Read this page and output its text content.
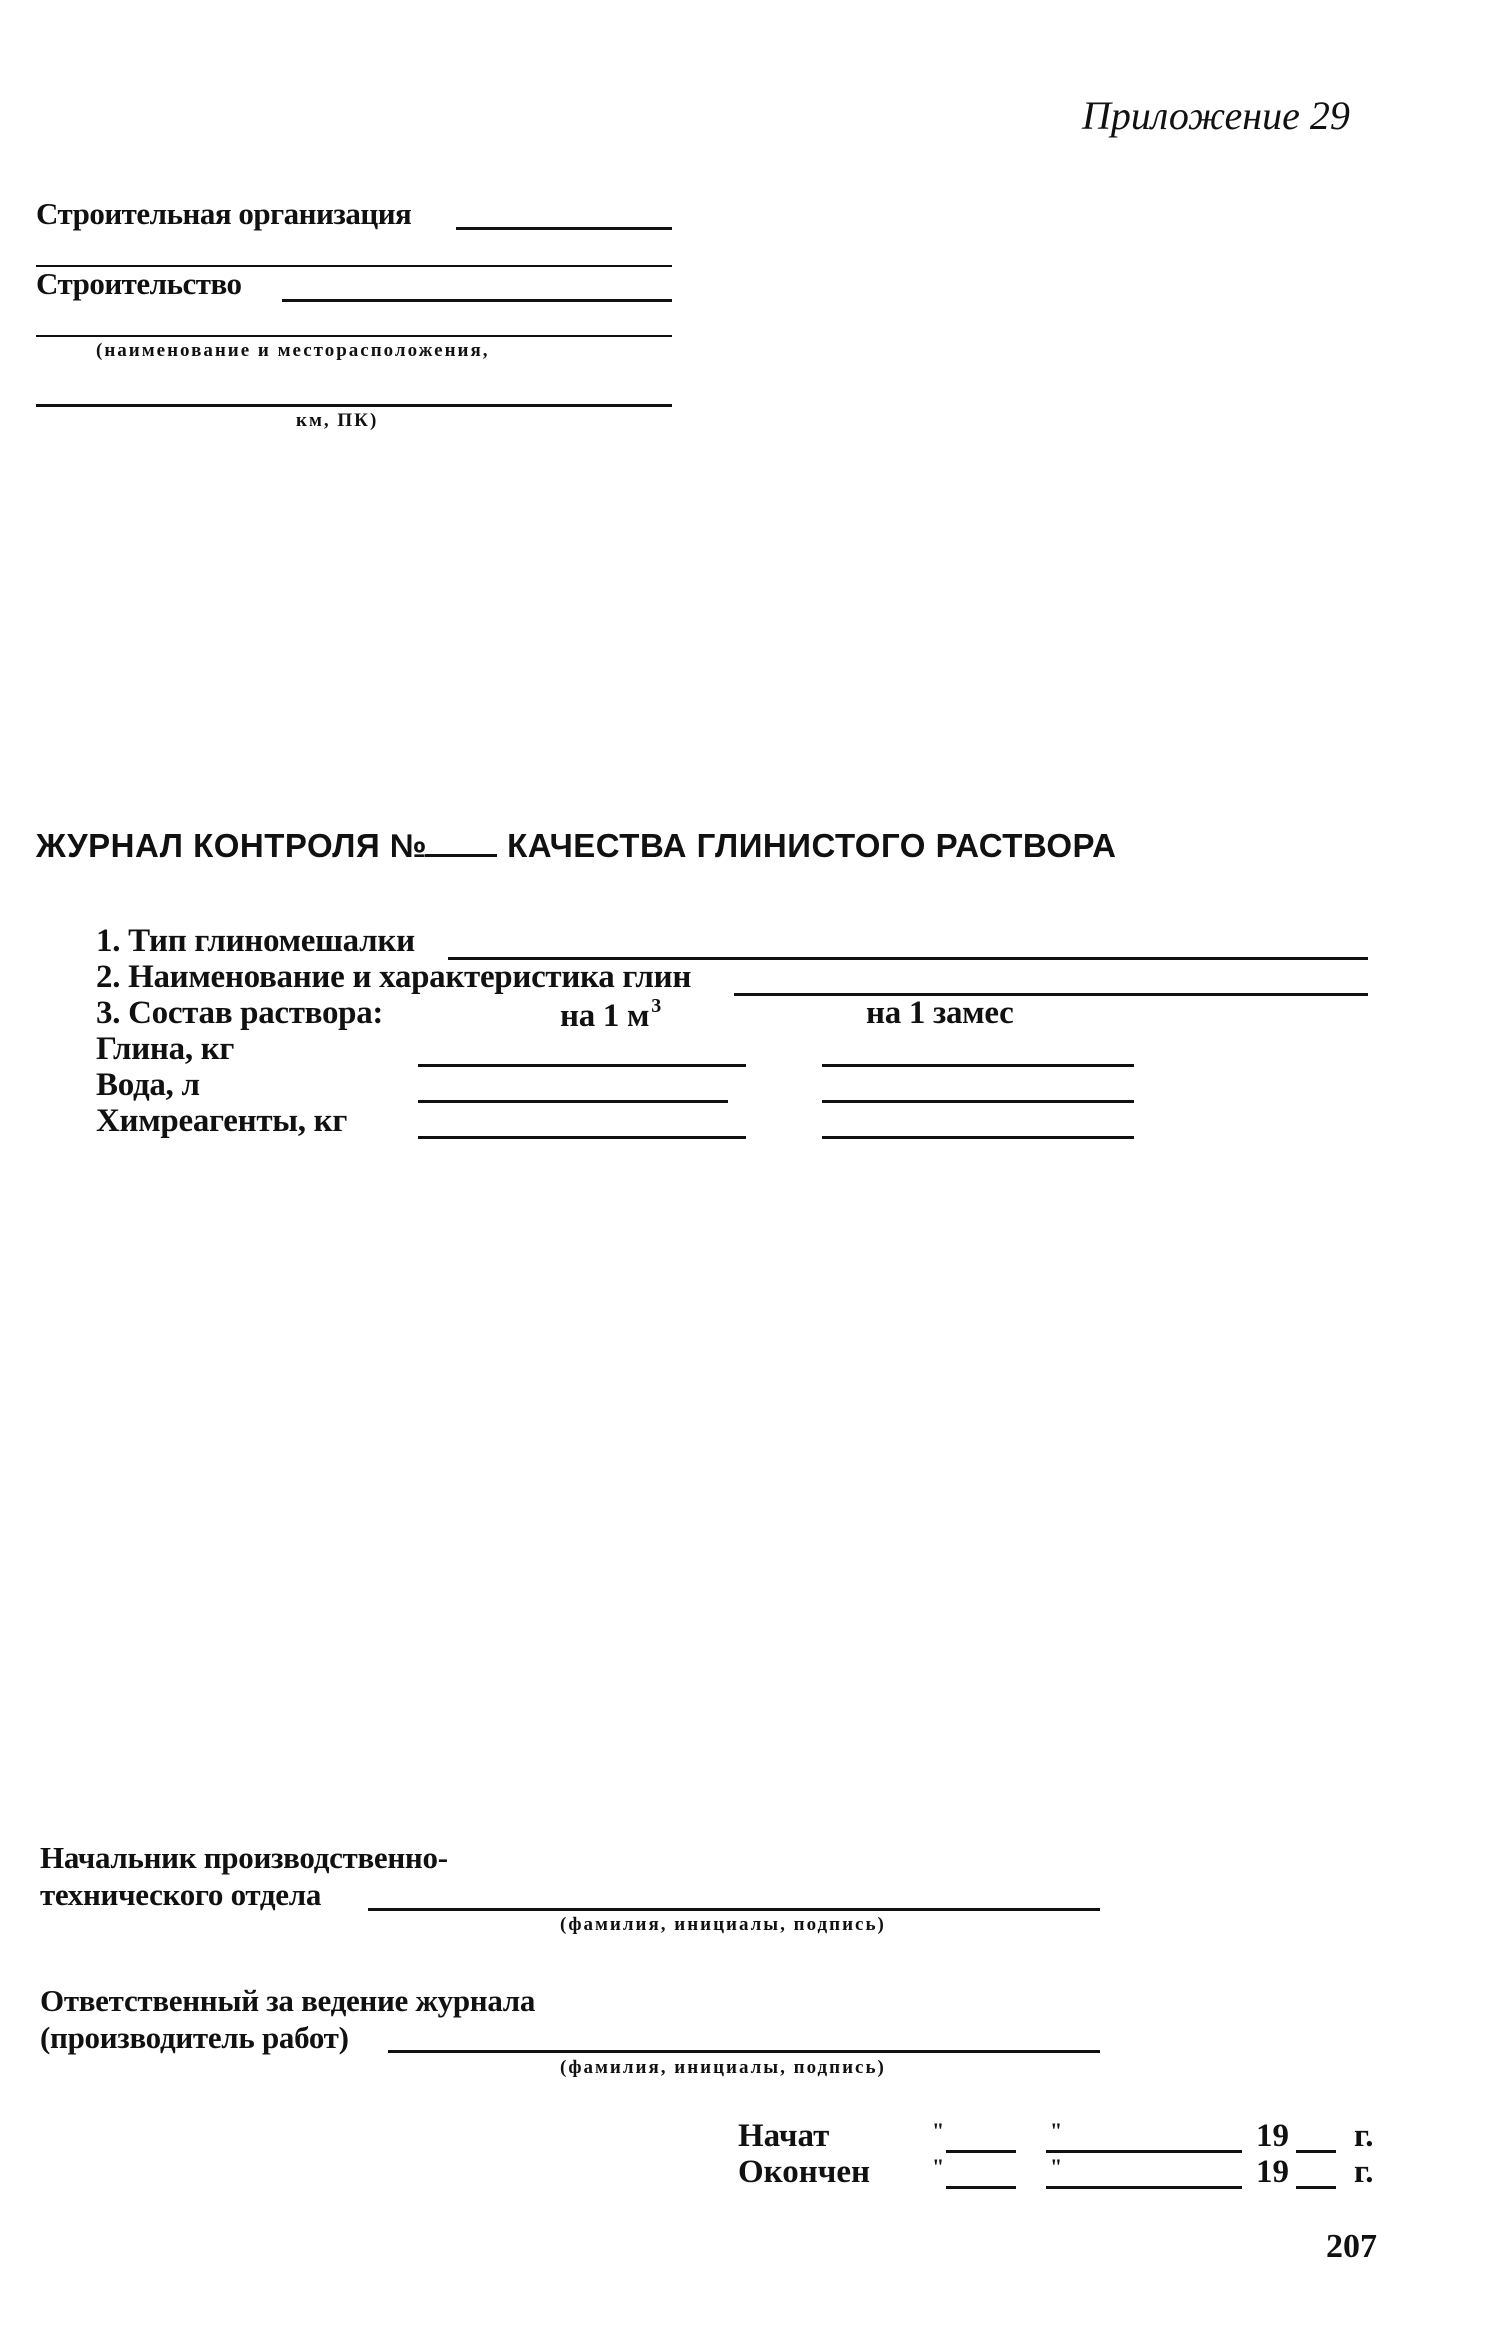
Приложение 29
Строительная организация
Строительство
(наименование и месторасположения,
км, ПК)
ЖУРНАЛ КОНТРОЛЯ № КАЧЕСТВА ГЛИНИСТОГО РАСТВОРА
1. Тип глиномешалки
2. Наименование и характеристика глин
3. Состав раствора:	на 1 м $^3$	на 1 замес
Глина, кг
Вода, л
Химреагенты, кг
Начальник производственно-
технического отдела
(фамилия, инициалы, подпись)
Ответственный за ведение журнала
(производитель работ)
(фамилия, инициалы, подпись)
Начат	"	"	19 г.
Окончен	"	"	19 г.
207
